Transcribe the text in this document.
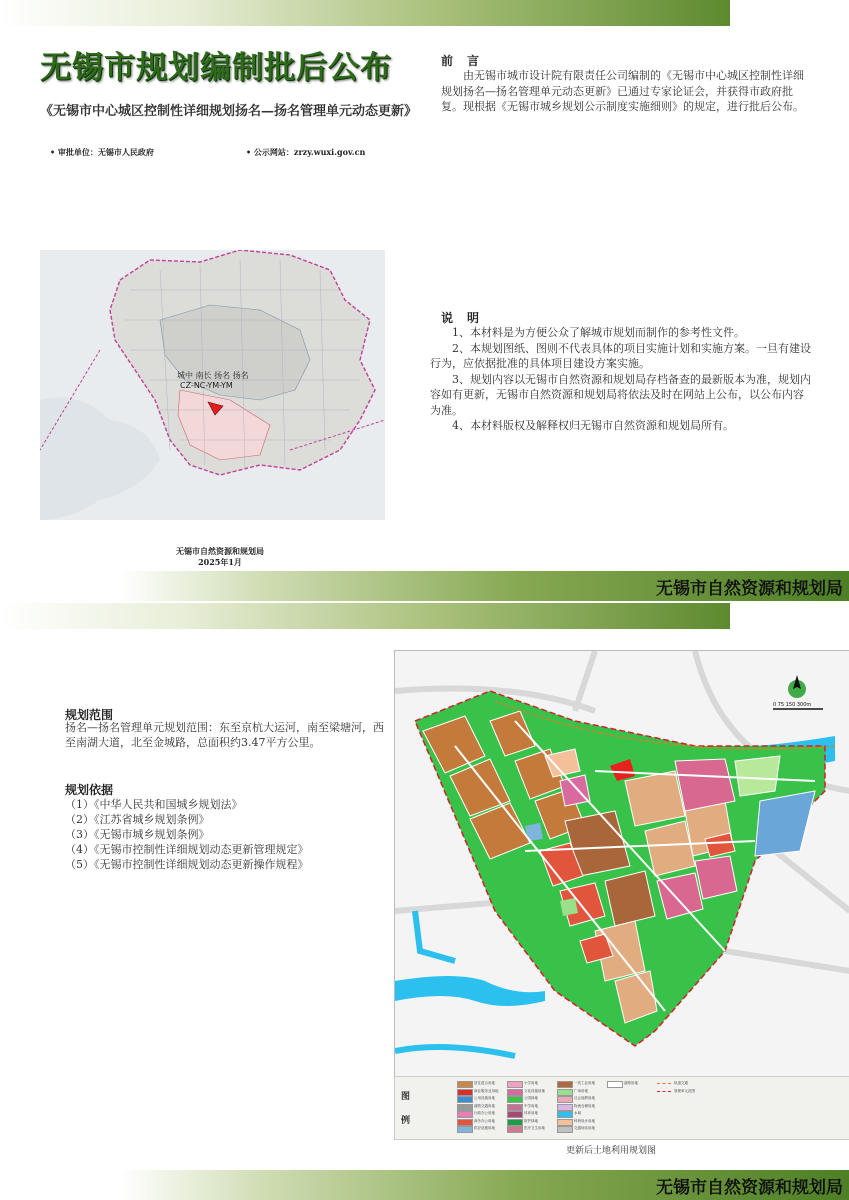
无锡市规划编制批后公布
《无锡市中心城区控制性详细规划扬名—扬名管理单元动态更新》
• 审批单位：无锡市人民政府	• 公示网站：zrzy.wuxi.gov.cn
前言

由无锡市城市设计院有限责任公司编制的《无锡市中心城区控制性详细规划扬名—扬名管理单元动态更新》已通过专家论证会，并获得市政府批复。现根据《无锡市城乡规划公示制度实施细则》的规定，进行批后公布。

城中 南长 扬名 扬名
CZ-NC-YM-YM
说明

1、本材料是为方便公众了解城市规划而制作的参考性文件。

2、本规划图纸、图则不代表具体的项目实施计划和实施方案。一旦有建设行为，应依据批准的具体项目建设方案实施。

3、规划内容以无锡市自然资源和规划局存档备查的最新版本为准，规划内容如有更新，无锡市自然资源和规划局将依法及时在网站上公布，以公布内容为准。

4、本材料版权及解释权归无锡市自然资源和规划局所有。

无锡市自然资源和规划局
2025年1月
无锡市自然资源和规划局
规划范围
扬名—扬名管理单元规划范围：东至京杭大运河，南至梁塘河，西至南湖大道，北至金城路，总面积约3.47平方公里。
规划依据
（1）《中华人民共和国城乡规划法》
（2）《江苏省城乡规划条例》
（3）《无锡市城乡规划条例》
（4）《无锡市控制性详细规划动态更新管理规定》
（5）《无锡市控制性详细规划动态更新操作规程》
0 75 150 300m
图例
居住混合用地
商业服务业用地
公用设施用地
道路交通用地
行政办公用地
商务办公用地
供应设施用地
小学用地
文化设施用地
公园绿地
中学用地
体育用地
防护绿地
医疗卫生用地
一类工业用地
广场用地
社会福利用地
物流仓储用地
水域
科研设计用地
交通场站用地
道路用地	轨道交通
管理单元范围
更新后土地利用规划图
无锡市自然资源和规划局
